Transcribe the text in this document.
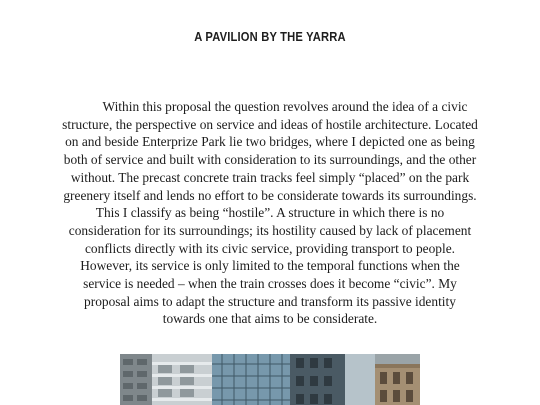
A PAVILION BY THE YARRA

Within this proposal the question revolves around the idea of a civic structure, the perspective on service and ideas of hostile architecture. Located on and beside Enterprize Park lie two bridges, where I depicted one as being both of service and built with consideration to its surroundings, and the other without. The precast concrete train tracks feel simply “placed” on the park greenery itself and lends no effort to be considerate towards its surroundings. This I classify as being “hostile”. A structure in which there is no consideration for its surroundings; its hostility caused by lack of placement conflicts directly with its civic service, providing transport to people. However, its service is only limited to the temporal functions when the service is needed – when the train crosses does it become “civic”. My proposal aims to adapt the structure and transform its passive identity towards one that aims to be considerate.
